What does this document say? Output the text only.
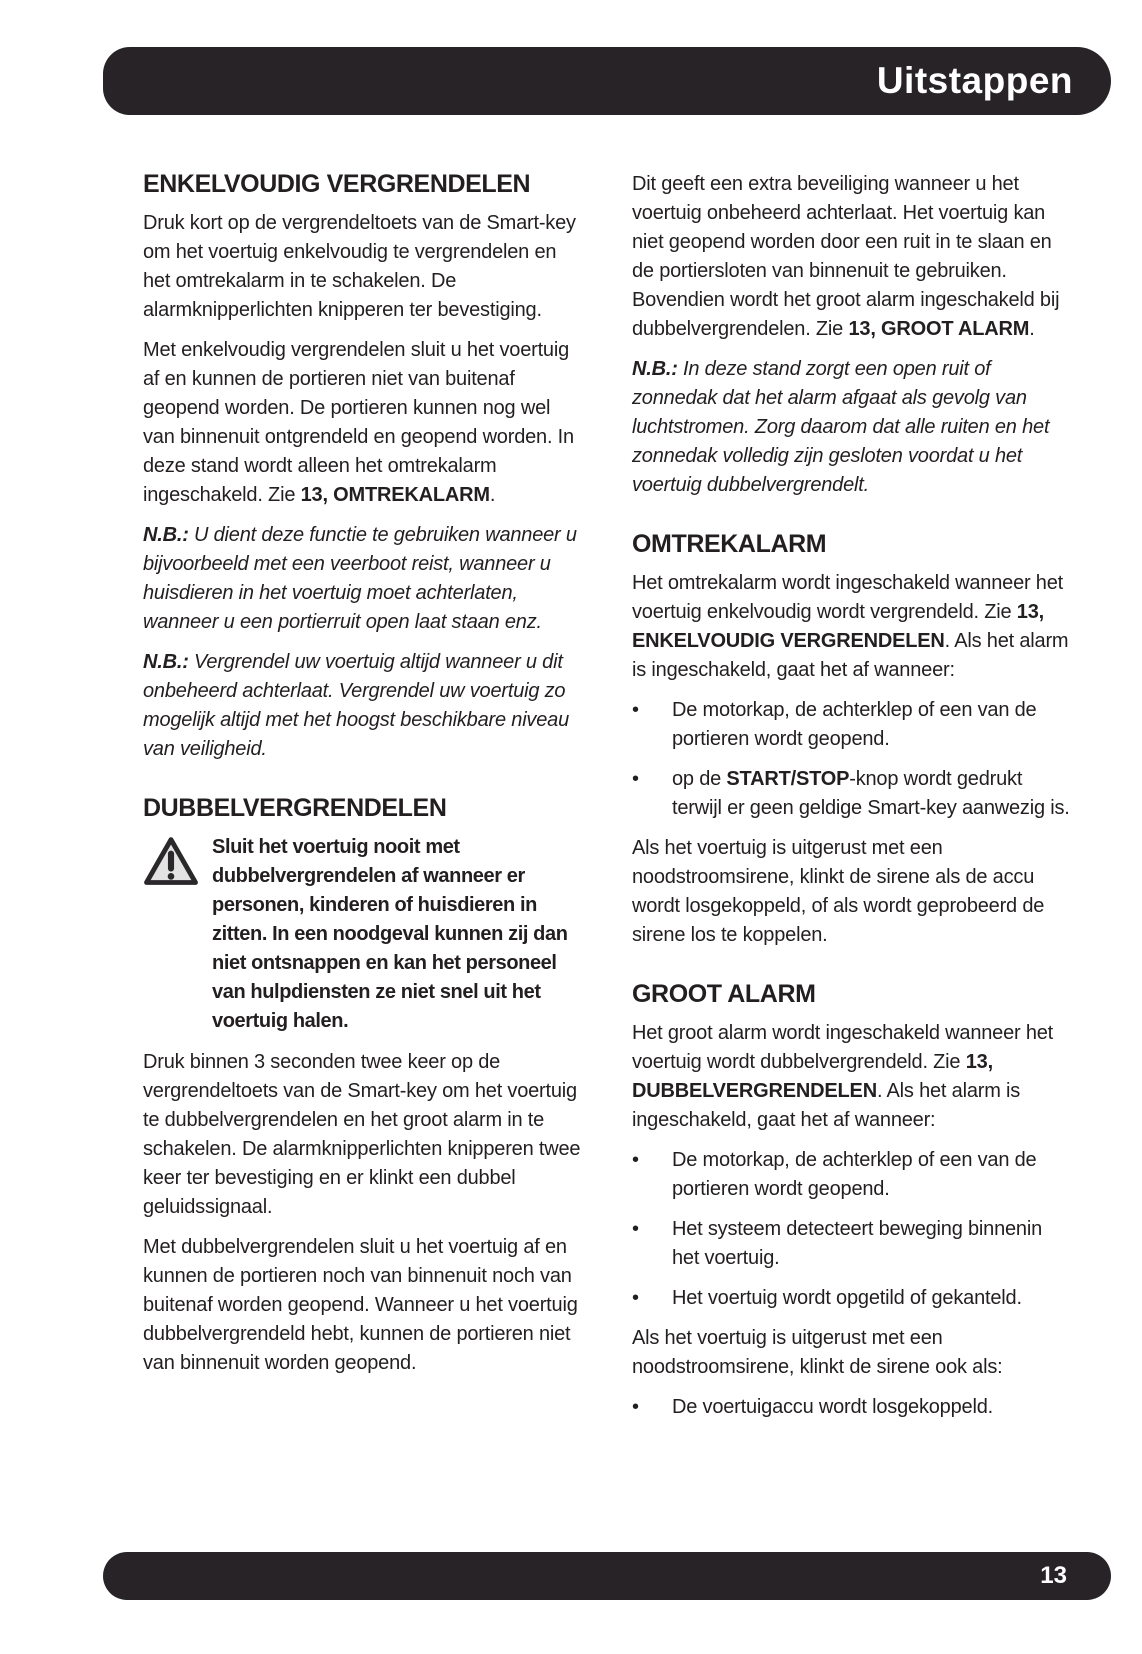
Uitstappen
ENKELVOUDIG VERGRENDELEN

Druk kort op de vergrendeltoets van de Smart-key om het voertuig enkelvoudig te vergrendelen en het omtrekalarm in te schakelen. De alarmknipperlichten knipperen ter bevestiging.

Met enkelvoudig vergrendelen sluit u het voertuig af en kunnen de portieren niet van buitenaf geopend worden. De portieren kunnen nog wel van binnenuit ontgrendeld en geopend worden. In deze stand wordt alleen het omtrekalarm ingeschakeld. Zie 13, OMTREKALARM.

N.B.: U dient deze functie te gebruiken wanneer u bijvoorbeeld met een veerboot reist, wanneer u huisdieren in het voertuig moet achterlaten, wanneer u een portierruit open laat staan enz.

N.B.: Vergrendel uw voertuig altijd wanneer u dit onbeheerd achterlaat. Vergrendel uw voertuig zo mogelijk altijd met het hoogst beschikbare niveau van veiligheid.

DUBBELVERGRENDELEN

Sluit het voertuig nooit met dubbelvergrendelen af wanneer er personen, kinderen of huisdieren in zitten. In een noodgeval kunnen zij dan niet ontsnappen en kan het personeel van hulpdiensten ze niet snel uit het voertuig halen.

Druk binnen 3 seconden twee keer op de vergrendeltoets van de Smart-key om het voertuig te dubbelvergrendelen en het groot alarm in te schakelen. De alarmknipperlichten knipperen twee keer ter bevestiging en er klinkt een dubbel geluidssignaal.

Met dubbelvergrendelen sluit u het voertuig af en kunnen de portieren noch van binnenuit noch van buitenaf worden geopend. Wanneer u het voertuig dubbelvergrendeld hebt, kunnen de portieren niet van binnenuit worden geopend.

Dit geeft een extra beveiliging wanneer u het voertuig onbeheerd achterlaat. Het voertuig kan niet geopend worden door een ruit in te slaan en de portiersloten van binnenuit te gebruiken. Bovendien wordt het groot alarm ingeschakeld bij dubbelvergrendelen. Zie 13, GROOT ALARM.

N.B.: In deze stand zorgt een open ruit of zonnedak dat het alarm afgaat als gevolg van luchtstromen. Zorg daarom dat alle ruiten en het zonnedak volledig zijn gesloten voordat u het voertuig dubbelvergrendelt.

OMTREKALARM

Het omtrekalarm wordt ingeschakeld wanneer het voertuig enkelvoudig wordt vergrendeld. Zie 13, ENKELVOUDIG VERGRENDELEN. Als het alarm is ingeschakeld, gaat het af wanneer:

•	De motorkap, de achterklep of een van de portieren wordt geopend.

•	op de START/STOP-knop wordt gedrukt terwijl er geen geldige Smart-key aanwezig is.

Als het voertuig is uitgerust met een noodstroomsirene, klinkt de sirene als de accu wordt losgekoppeld, of als wordt geprobeerd de sirene los te koppelen.

GROOT ALARM

Het groot alarm wordt ingeschakeld wanneer het voertuig wordt dubbelvergrendeld. Zie 13, DUBBELVERGRENDELEN. Als het alarm is ingeschakeld, gaat het af wanneer:

•	De motorkap, de achterklep of een van de portieren wordt geopend.

•	Het systeem detecteert beweging binnenin het voertuig.

•	Het voertuig wordt opgetild of gekanteld.

Als het voertuig is uitgerust met een noodstroomsirene, klinkt de sirene ook als:

•	De voertuigaccu wordt losgekoppeld.

13
